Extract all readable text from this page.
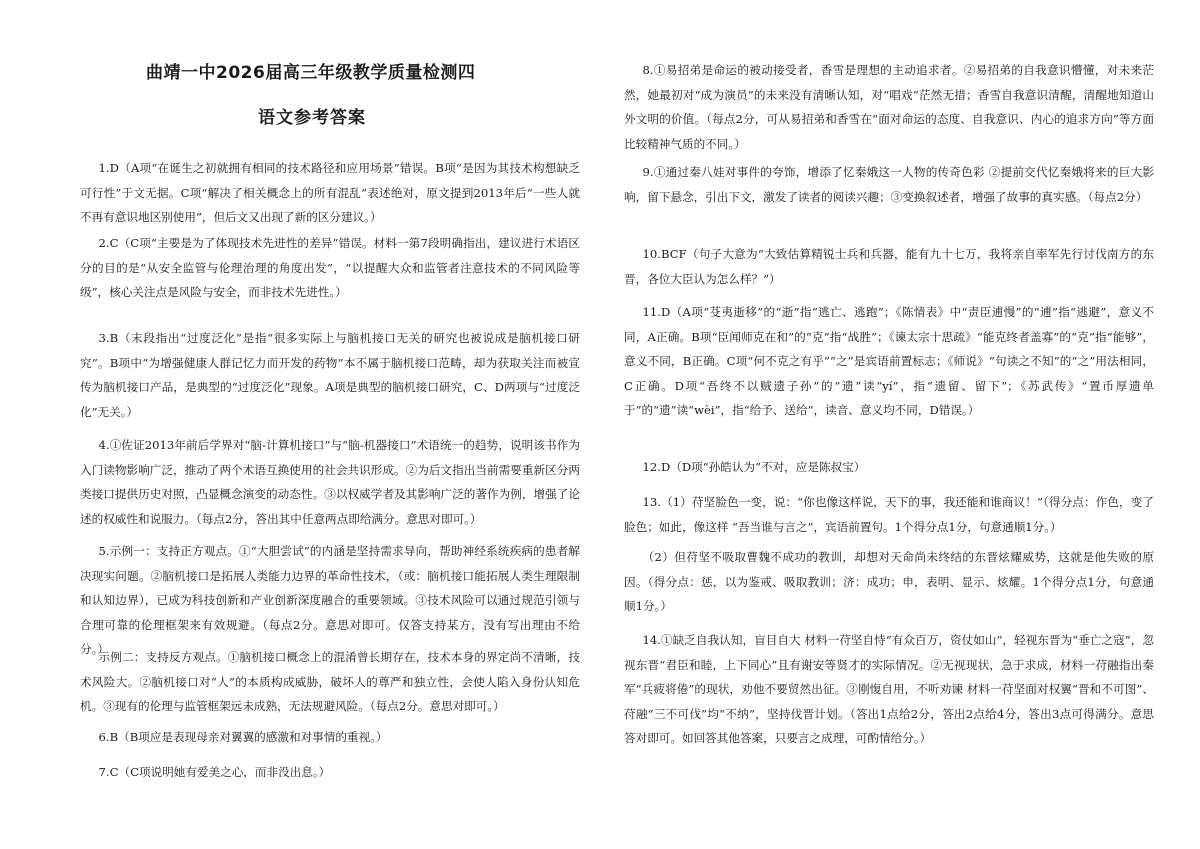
曲靖一中2026届高三年级教学质量检测四
语文参考答案

1.D（A项“在诞生之初就拥有相同的技术路径和应用场景”错误。B项“是因为其技术构想缺乏可行性”于文无据。C项“解决了相关概念上的所有混乱”表述绝对，原文提到2013年后“一些人就不再有意识地区别使用”，但后文又出现了新的区分建议。）

2.C（C项“主要是为了体现技术先进性的差异”错误。材料一第7段明确指出，建议进行术语区分的目的是“从安全监管与伦理治理的角度出发”，“以提醒大众和监管者注意技术的不同风险等级”，核心关注点是风险与安全，而非技术先进性。）

3.B（末段指出“过度泛化”是指“很多实际上与脑机接口无关的研究也被说成是脑机接口研究”。B项中“为增强健康人群记忆力而开发的药物”本不属于脑机接口范畴，却为获取关注而被宣传为脑机接口产品，是典型的“过度泛化”现象。A项是典型的脑机接口研究，C、D两项与“过度泛化”无关。）

4.①佐证2013年前后学界对“脑-计算机接口”与“脑-机器接口”术语统一的趋势，说明该书作为入门读物影响广泛，推动了两个术语互换使用的社会共识形成。②为后文指出当前需要重新区分两类接口提供历史对照，凸显概念演变的动态性。③以权威学者及其影响广泛的著作为例，增强了论述的权威性和说服力。（每点2分，答出其中任意两点即给满分。意思对即可。）

5.示例一：支持正方观点。①“大胆尝试”的内涵是坚持需求导向，帮助神经系统疾病的患者解决现实问题。②脑机接口是拓展人类能力边界的革命性技术，（或：脑机接口能拓展人类生理限制和认知边界），已成为科技创新和产业创新深度融合的重要领域。③技术风险可以通过规范引领与合理可靠的伦理框架来有效规避。（每点2分。意思对即可。仅答支持某方，没有写出理由不给分。）

示例二：支持反方观点。①脑机接口概念上的混淆曾长期存在，技术本身的界定尚不清晰，技术风险大。②脑机接口对“人”的本质构成威胁，破坏人的尊严和独立性，会使人陷入身份认知危机。③现有的伦理与监管框架远未成熟，无法规避风险。（每点2分。意思对即可。）

6.B（B项应是表现母亲对翼翼的感激和对事情的重视。）

7.C（C项说明她有爱美之心，而非没出息。）

8.①易招弟是命运的被动接受者，香雪是理想的主动追求者。②易招弟的自我意识懵懂，对未来茫然，她最初对“成为演员”的未来没有清晰认知，对“唱戏”茫然无措；香雪自我意识清醒，清醒地知道山外文明的价值。（每点2分，可从易招弟和香雪在“面对命运的态度、自我意识、内心的追求方向”等方面比较精神气质的不同。）

9.①通过秦八娃对事件的夸饰，增添了忆秦娥这一人物的传奇色彩 ②提前交代忆秦娥将来的巨大影响，留下悬念，引出下文，激发了读者的阅读兴趣；③变换叙述者，增强了故事的真实感。（每点2分）

10.BCF（句子大意为“大致估算精锐士兵和兵器，能有九十七万，我将亲自率军先行讨伐南方的东晋，各位大臣认为怎么样？”）

11.D（A项“芟夷逝移”的“逝”指“逃亡、逃跑”；《陈情表》中“责臣逋慢”的“逋”指“逃避”，意义不同，A正确。B项“臣闻师克在和”的“克”指“战胜”；《谏太宗十思疏》“能克终者盖寡”的“克”指“能够”，意义不同，B正确。C项“何不克之有乎”“之”是宾语前置标志；《师说》“句读之不知”的“之”用法相同，C正确。D项“吾终不以贼遗子孙”的“遗”读“yí”，指“遗留、留下”；《苏武传》“置币厚遗单于”的“遗”读“wèi”，指“给予、送给”，读音、意义均不同，D错误。）

12.D（D项“孙皓认为”不对，应是陈叔宝）

13.（1）苻坚脸色一变，说：“你也像这样说，天下的事，我还能和谁商议！”（得分点：作色，变了脸色；如此，像这样 “吾当谁与言之”，宾语前置句。1个得分点1分，句意通顺1分。）

（2）但苻坚不吸取曹魏不成功的教训，却想对天命尚未终结的东晋炫耀威势，这就是他失败的原因。（得分点：惩，以为鉴戒、吸取教训；济：成功；申，表明、显示、炫耀。1个得分点1分，句意通顺1分。）

14.①缺乏自我认知，盲目自大 材料一苻坚自恃“有众百万，资仗如山”，轻视东晋为“垂亡之寇”，忽视东晋“君臣和睦，上下同心”且有谢安等贤才的实际情况。②无视现状，急于求成，材料一苻融指出秦军“兵疲将倦”的现状，劝他不要贸然出征。③刚愎自用，不听劝谏 材料一苻坚面对权翼“晋和不可图”、苻融“三不可伐”均“不纳”，坚持伐晋计划。（答出1点给2分，答出2点给4分，答出3点可得满分。意思答对即可。如回答其他答案，只要言之成理，可酌情给分。）
